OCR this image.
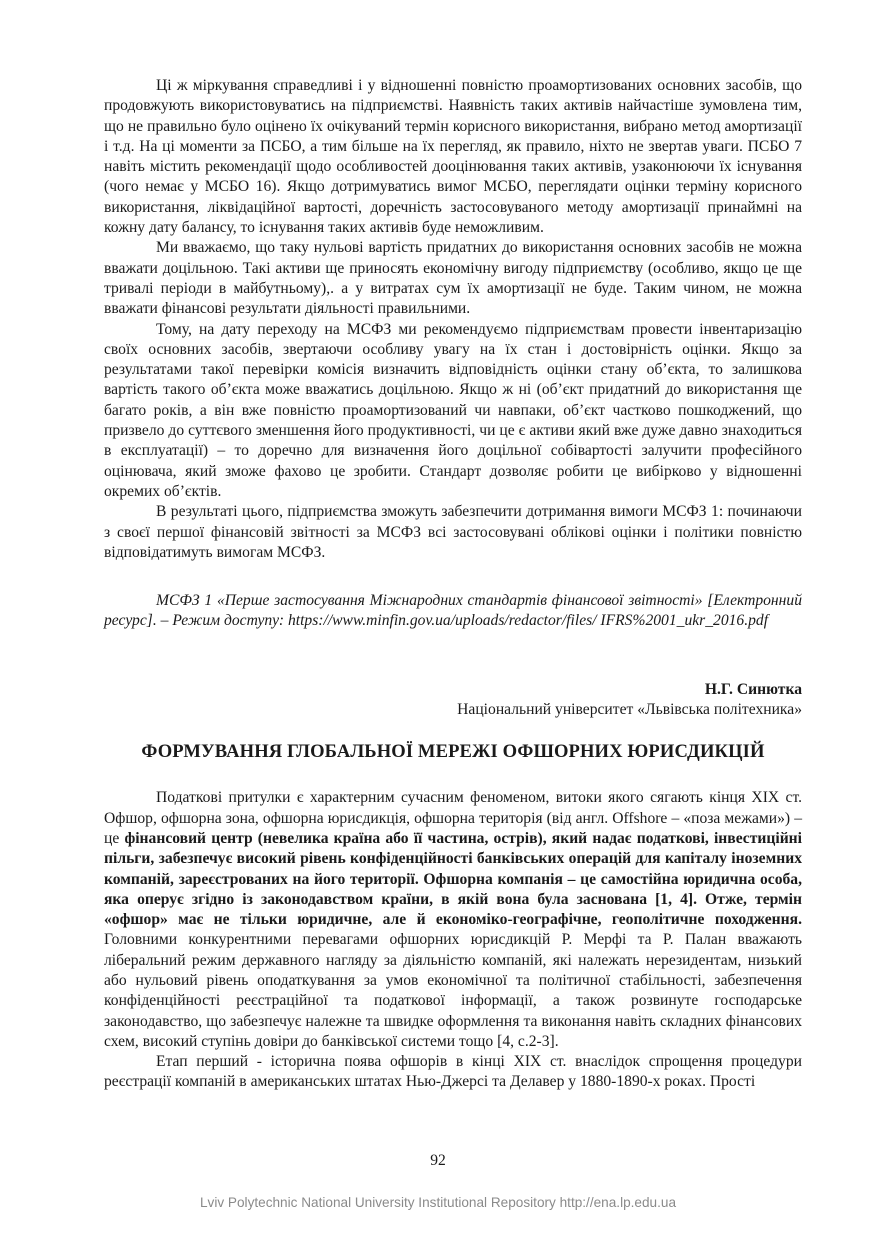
Ці ж міркування справедливі і у відношенні повністю проамортизованих основних засобів, що продовжують використовуватись на підприємстві. Наявність таких активів найчастіше зумовлена тим, що не правильно було оцінено їх очікуваний термін корисного використання, вибрано метод амортизації і т.д. На ці моменти за ПСБО, а тим більше на їх перегляд, як правило, ніхто не звертав уваги. ПСБО 7 навіть містить рекомендації щодо особливостей дооцінювання таких активів, узаконюючи їх існування (чого немає у МСБО 16). Якщо дотримуватись вимог МСБО, переглядати оцінки терміну корисного використання, ліквідаційної вартості, доречність застосовуваного методу амортизації принаймні на кожну дату балансу, то існування таких активів буде неможливим.

Ми вважаємо, що таку нульові вартість придатних до використання основних засобів не можна вважати доцільною. Такі активи ще приносять економічну вигоду підприємству (особливо, якщо це ще тривалі періоди в майбутньому),. а у витратах сум їх амортизації не буде. Таким чином, не можна вважати фінансові результати діяльності правильними.

Тому, на дату переходу на МСФЗ ми рекомендуємо підприємствам провести інвентаризацію своїх основних засобів, звертаючи особливу увагу на їх стан і достовірність оцінки. Якщо за результатами такої перевірки комісія визначить відповідність оцінки стану об’єкта, то залишкова вартість такого об’єкта може вважатись доцільною. Якщо ж ні (об’єкт придатний до використання ще багато років, а він вже повністю проамортизований чи навпаки, об’єкт частково пошкоджений, що призвело до суттєвого зменшення його продуктивності, чи це є активи який вже дуже давно знаходиться в експлуатації) – то доречно для визначення його доцільної собівартості залучити професійного оцінювача, який зможе фахово це зробити. Стандарт дозволяє робити це вибірково у відношенні окремих об’єктів.

В результаті цього, підприємства зможуть забезпечити дотримання вимоги МСФЗ 1: починаючи з своєї першої фінансовій звітності за МСФЗ всі застосовувані облікові оцінки і політики повністю відповідатимуть вимогам МСФЗ.

МСФЗ 1 «Перше застосування Міжнародних стандартів фінансової звітності» [Електронний ресурс]. – Режим доступу: https://www.minfin.gov.ua/uploads/redactor/files/ IFRS%2001_ukr_2016.pdf

Н.Г. Синютка

Національний університет «Львівська політехника»

ФОРМУВАННЯ ГЛОБАЛЬНОЇ МЕРЕЖІ ОФШОРНИХ ЮРИСДИКЦІЙ

Податкові притулки є характерним сучасним феноменом, витоки якого сягають кінця XIX ст. Офшор, офшорна зона, офшорна юрисдикція, офшорна територія (від англ. Offshore – «поза межами») – це фінансовий центр (невелика країна або її частина, острів), який надає податкові, інвестиційні пільги, забезпечує високий рівень конфіденційності банківських операцій для капіталу іноземних компаній, зареєстрованих на його території. Офшорна компанія – це самостійна юридична особа, яка оперує згідно із законодавством країни, в якій вона була заснована [1, 4]. Отже, термін «офшор» має не тільки юридичне, але й економіко-географічне, геополітичне походження. Головними конкурентними перевагами офшорних юрисдикцій Р. Мерфі та Р. Палан вважають ліберальний режим державного нагляду за діяльністю компаній, які належать нерезидентам, низький або нульовий рівень оподаткування за умов економічної та політичної стабільності, забезпечення конфіденційності реєстраційної та податкової інформації, а також розвинуте господарське законодавство, що забезпечує належне та швидке оформлення та виконання навіть складних фінансових схем, високий ступінь довіри до банківської системи тощо [4, с.2-3].

Етап перший - історична поява офшорів в кінці ХІХ ст. внаслідок спрощення процедури реєстрації компаній в американських штатах Нью-Джерсі та Делавер у 1880-1890-х роках. Прості

92
Lviv Polytechnic National University Institutional Repository http://ena.lp.edu.ua
